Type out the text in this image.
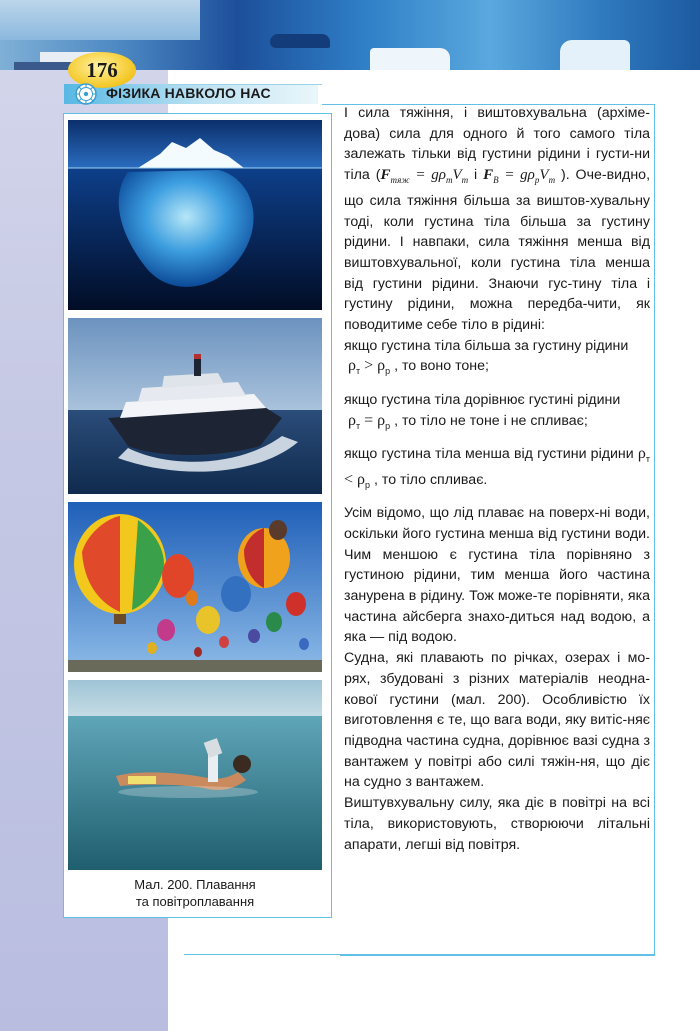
176
ФІЗИКА НАВКОЛО НАС
Мал. 200. Плавання
та повітроплавання

І сила тяжіння, і виштовхувальна (архіме-дова) сила для одного й того самого тіла залежать тільки від густини рідини і густи-ни тіла ($F_{тяж} = g\rho_тV_т$ і $F_В = g\rho_рV_т$ ). Оче-видно, що сила тяжіння більша за виштов-хувальну тоді, коли густина тіла більша за густину рідини. І навпаки, сила тяжіння менша від виштовхувальної, коли густина тіла менша від густини рідини. Знаючи гус-тину тіла і густину рідини, можна передба-чити, як поводитиме себе тіло в рідині:

якщо густина тіла більша за густину рідини
$\rho_т > \rho_р$ , то воно тоне;

якщо густина тіла дорівнює густині рідини
$\rho_т = \rho_р$ , то тіло не тоне і не спливає;

якщо густина тіла менша від густини рідини $\rho_т < \rho_р$ , то тіло спливає.

Усім відомо, що лід плаває на поверх-ні води, оскільки його густина менша від густини води. Чим меншою є густина тіла порівняно з густиною рідини, тим менша його частина занурена в рідину. Тож може-те порівняти, яка частина айсберга знахо-диться над водою, а яка — під водою.

Судна, які плавають по річках, озерах і мо-рях, збудовані з різних матеріалів неодна-кової густини (мал. 200). Особливістю їх виготовлення є те, що вага води, яку витіс-няє підводна частина судна, дорівнює вазі судна з вантажем у повітрі або силі тяжін-ня, що діє на судно з вантажем.

Виштувхувальну силу, яка діє в повітрі на всі тіла, використовують, створюючи літальні апарати, легші від повітря.
